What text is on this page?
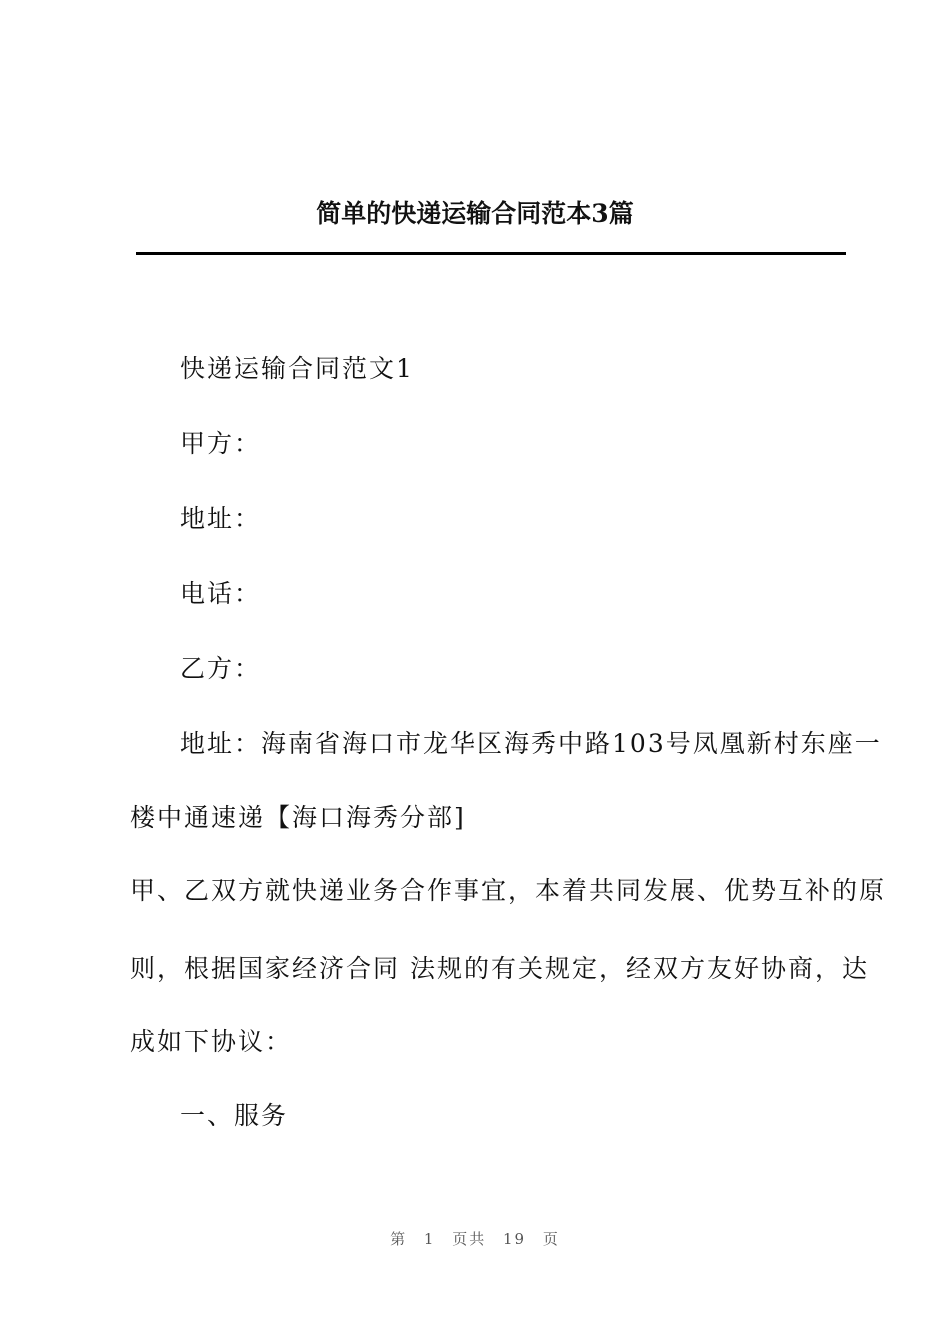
简单的快递运输合同范本3篇
快递运输合同范文1
甲方：
地址：
电话：
乙方：
地址：海南省海口市龙华区海秀中路103号凤凰新村东座一
楼中通速递【海口海秀分部]
甲、乙双方就快递业务合作事宜，本着共同发展、优势互补的原
则，根据国家经济合同 法规的有关规定，经双方友好协商，达
成如下协议：
一、服务
第 1 页共 19 页
